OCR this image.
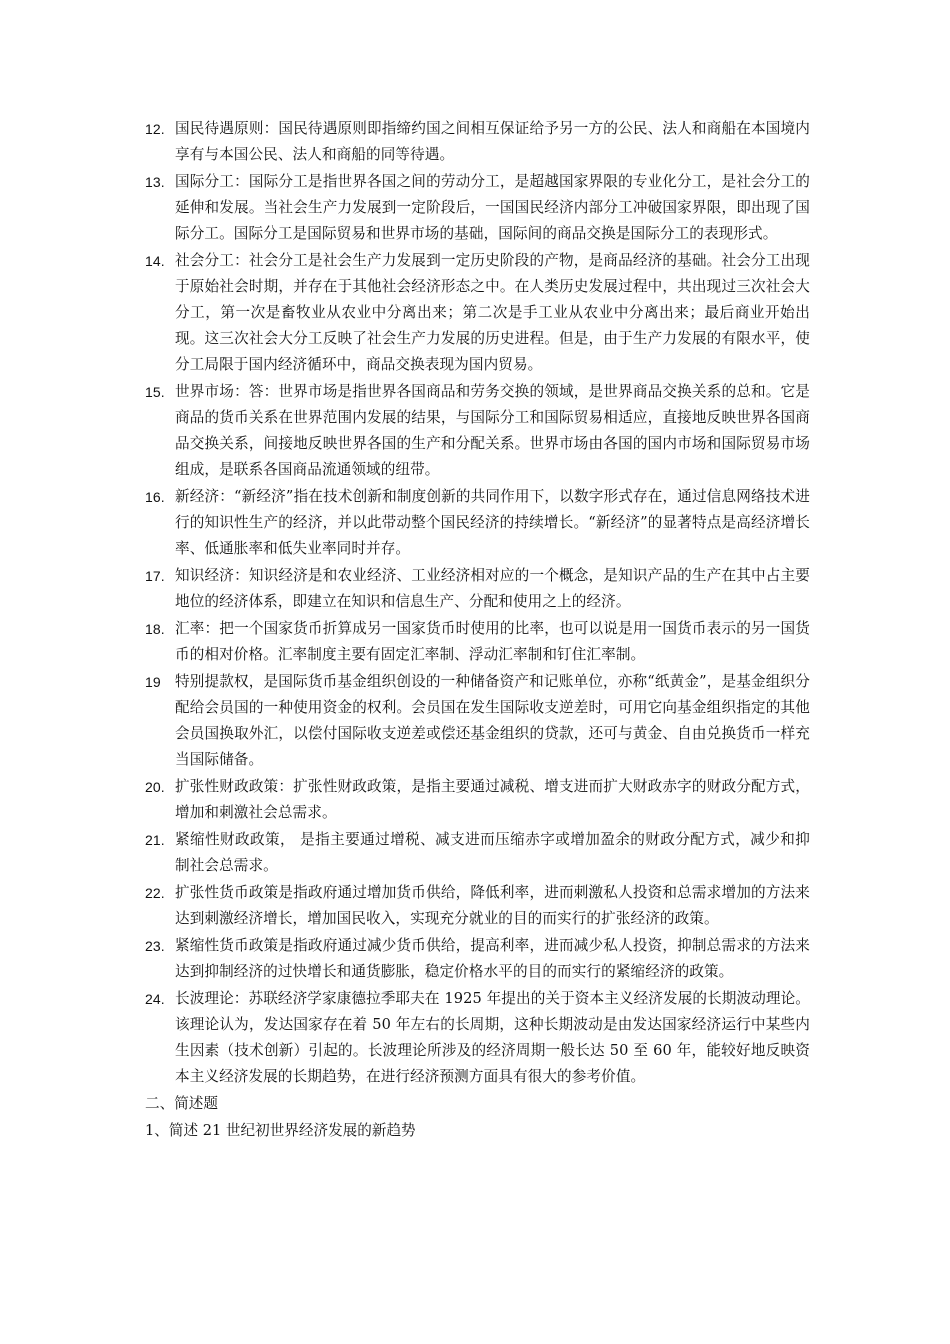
12. 国民待遇原则：国民待遇原则即指缔约国之间相互保证给予另一方的公民、法人和商船在本国境内享有与本国公民、法人和商船的同等待遇。
13. 国际分工：国际分工是指世界各国之间的劳动分工，是超越国家界限的专业化分工，是社会分工的延伸和发展。当社会生产力发展到一定阶段后，一国国民经济内部分工冲破国家界限，即出现了国际分工。国际分工是国际贸易和世界市场的基础，国际间的商品交换是国际分工的表现形式。
14. 社会分工：社会分工是社会生产力发展到一定历史阶段的产物，是商品经济的基础。社会分工出现于原始社会时期，并存在于其他社会经济形态之中。在人类历史发展过程中，共出现过三次社会大分工，第一次是畜牧业从农业中分离出来；第二次是手工业从农业中分离出来；最后商业开始出现。这三次社会大分工反映了社会生产力发展的历史进程。但是，由于生产力发展的有限水平，使分工局限于国内经济循环中，商品交换表现为国内贸易。
15. 世界市场：答：世界市场是指世界各国商品和劳务交换的领域，是世界商品交换关系的总和。它是商品的货币关系在世界范围内发展的结果，与国际分工和国际贸易相适应，直接地反映世界各国商品交换关系，间接地反映世界各国的生产和分配关系。世界市场由各国的国内市场和国际贸易市场组成，是联系各国商品流通领域的纽带。
16. 新经济：“新经济”指在技术创新和制度创新的共同作用下，以数字形式存在，通过信息网络技术进行的知识性生产的经济，并以此带动整个国民经济的持续增长。“新经济”的显著特点是高经济增长率、低通胀率和低失业率同时并存。
17. 知识经济：知识经济是和农业经济、工业经济相对应的一个概念，是知识产品的生产在其中占主要地位的经济体系，即建立在知识和信息生产、分配和使用之上的经济。
18. 汇率：把一个国家货币折算成另一国家货币时使用的比率，也可以说是用一国货币表示的另一国货币的相对价格。汇率制度主要有固定汇率制、浮动汇率制和钉住汇率制。
19 特别提款权，是国际货币基金组织创设的一种储备资产和记账单位，亦称“纸黄金”，是基金组织分配给会员国的一种使用资金的权利。会员国在发生国际收支逆差时，可用它向基金组织指定的其他会员国换取外汇，以偿付国际收支逆差或偿还基金组织的贷款，还可与黄金、自由兑换货币一样充当国际储备。
20. 扩张性财政政策：扩张性财政政策，是指主要通过减税、增支进而扩大财政赤字的财政分配方式，增加和刺激社会总需求。
21. 紧缩性财政政策， 是指主要通过增税、减支进而压缩赤字或增加盈余的财政分配方式，减少和抑制社会总需求。
22. 扩张性货币政策是指政府通过增加货币供给，降低利率，进而刺激私人投资和总需求增加的方法来达到刺激经济增长，增加国民收入，实现充分就业的目的而实行的扩张经济的政策。
23. 紧缩性货币政策是指政府通过减少货币供给，提高利率，进而减少私人投资，抑制总需求的方法来达到抑制经济的过快增长和通货膨胀，稳定价格水平的目的而实行的紧缩经济的政策。
24. 长波理论：苏联经济学家康德拉季耶夫在 1925 年提出的关于资本主义经济发展的长期波动理论。该理论认为，发达国家存在着 50 年左右的长周期，这种长期波动是由发达国家经济运行中某些内生因素（技术创新）引起的。长波理论所涉及的经济周期一般长达 50 至 60 年，能较好地反映资本主义经济发展的长期趋势，在进行经济预测方面具有很大的参考价值。
二、简述题
1、简述 21 世纪初世界经济发展的新趋势
